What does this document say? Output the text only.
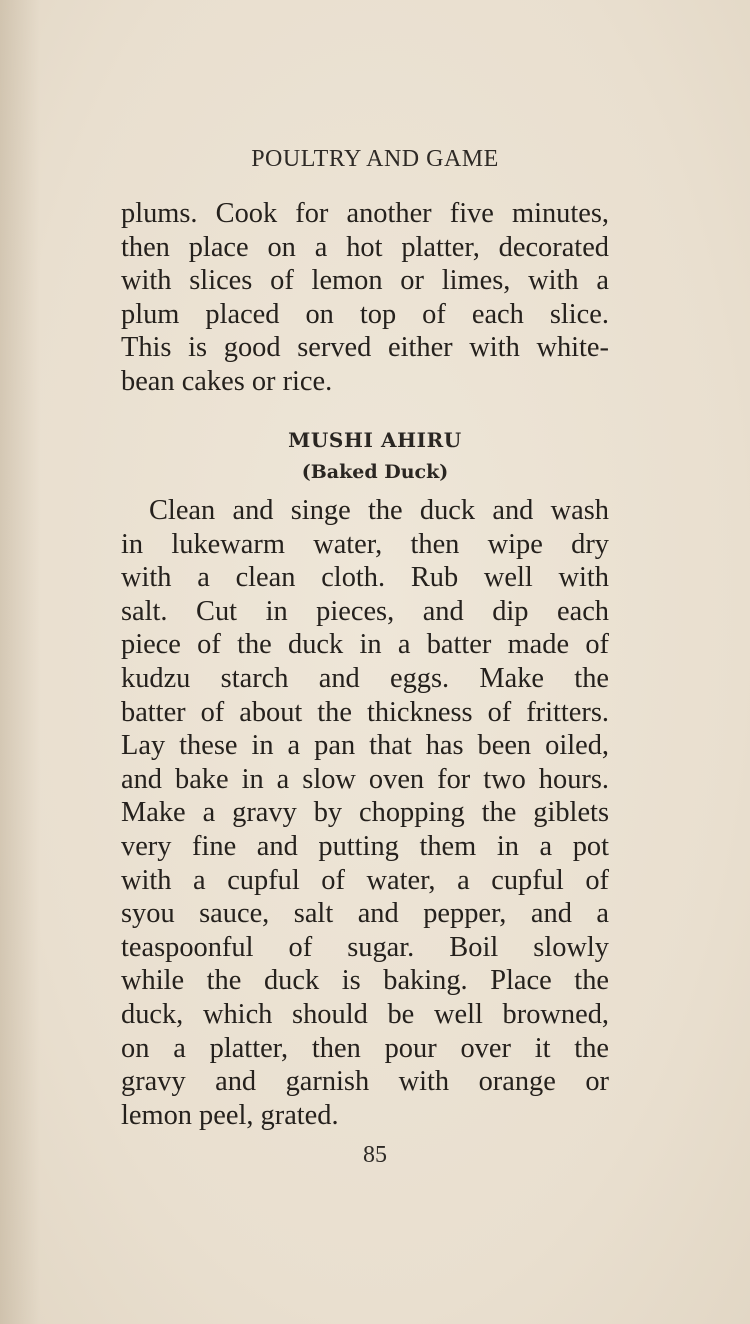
POULTRY AND GAME
plums. Cook for another five minutes,
then place on a hot platter, decorated
with slices of lemon or limes, with a
plum placed on top of each slice.
This is good served either with white-
bean cakes or rice.
MUSHI AHIRU
(Baked Duck)
Clean and singe the duck and wash
in lukewarm water, then wipe dry
with a clean cloth. Rub well with
salt. Cut in pieces, and dip each
piece of the duck in a batter made of
kudzu starch and eggs. Make the
batter of about the thickness of fritters.
Lay these in a pan that has been oiled,
and bake in a slow oven for two hours.
Make a gravy by chopping the giblets
very fine and putting them in a pot
with a cupful of water, a cupful of
syou sauce, salt and pepper, and a
teaspoonful of sugar. Boil slowly
while the duck is baking. Place the
duck, which should be well browned,
on a platter, then pour over it the
gravy and garnish with orange or
lemon peel, grated.
85
